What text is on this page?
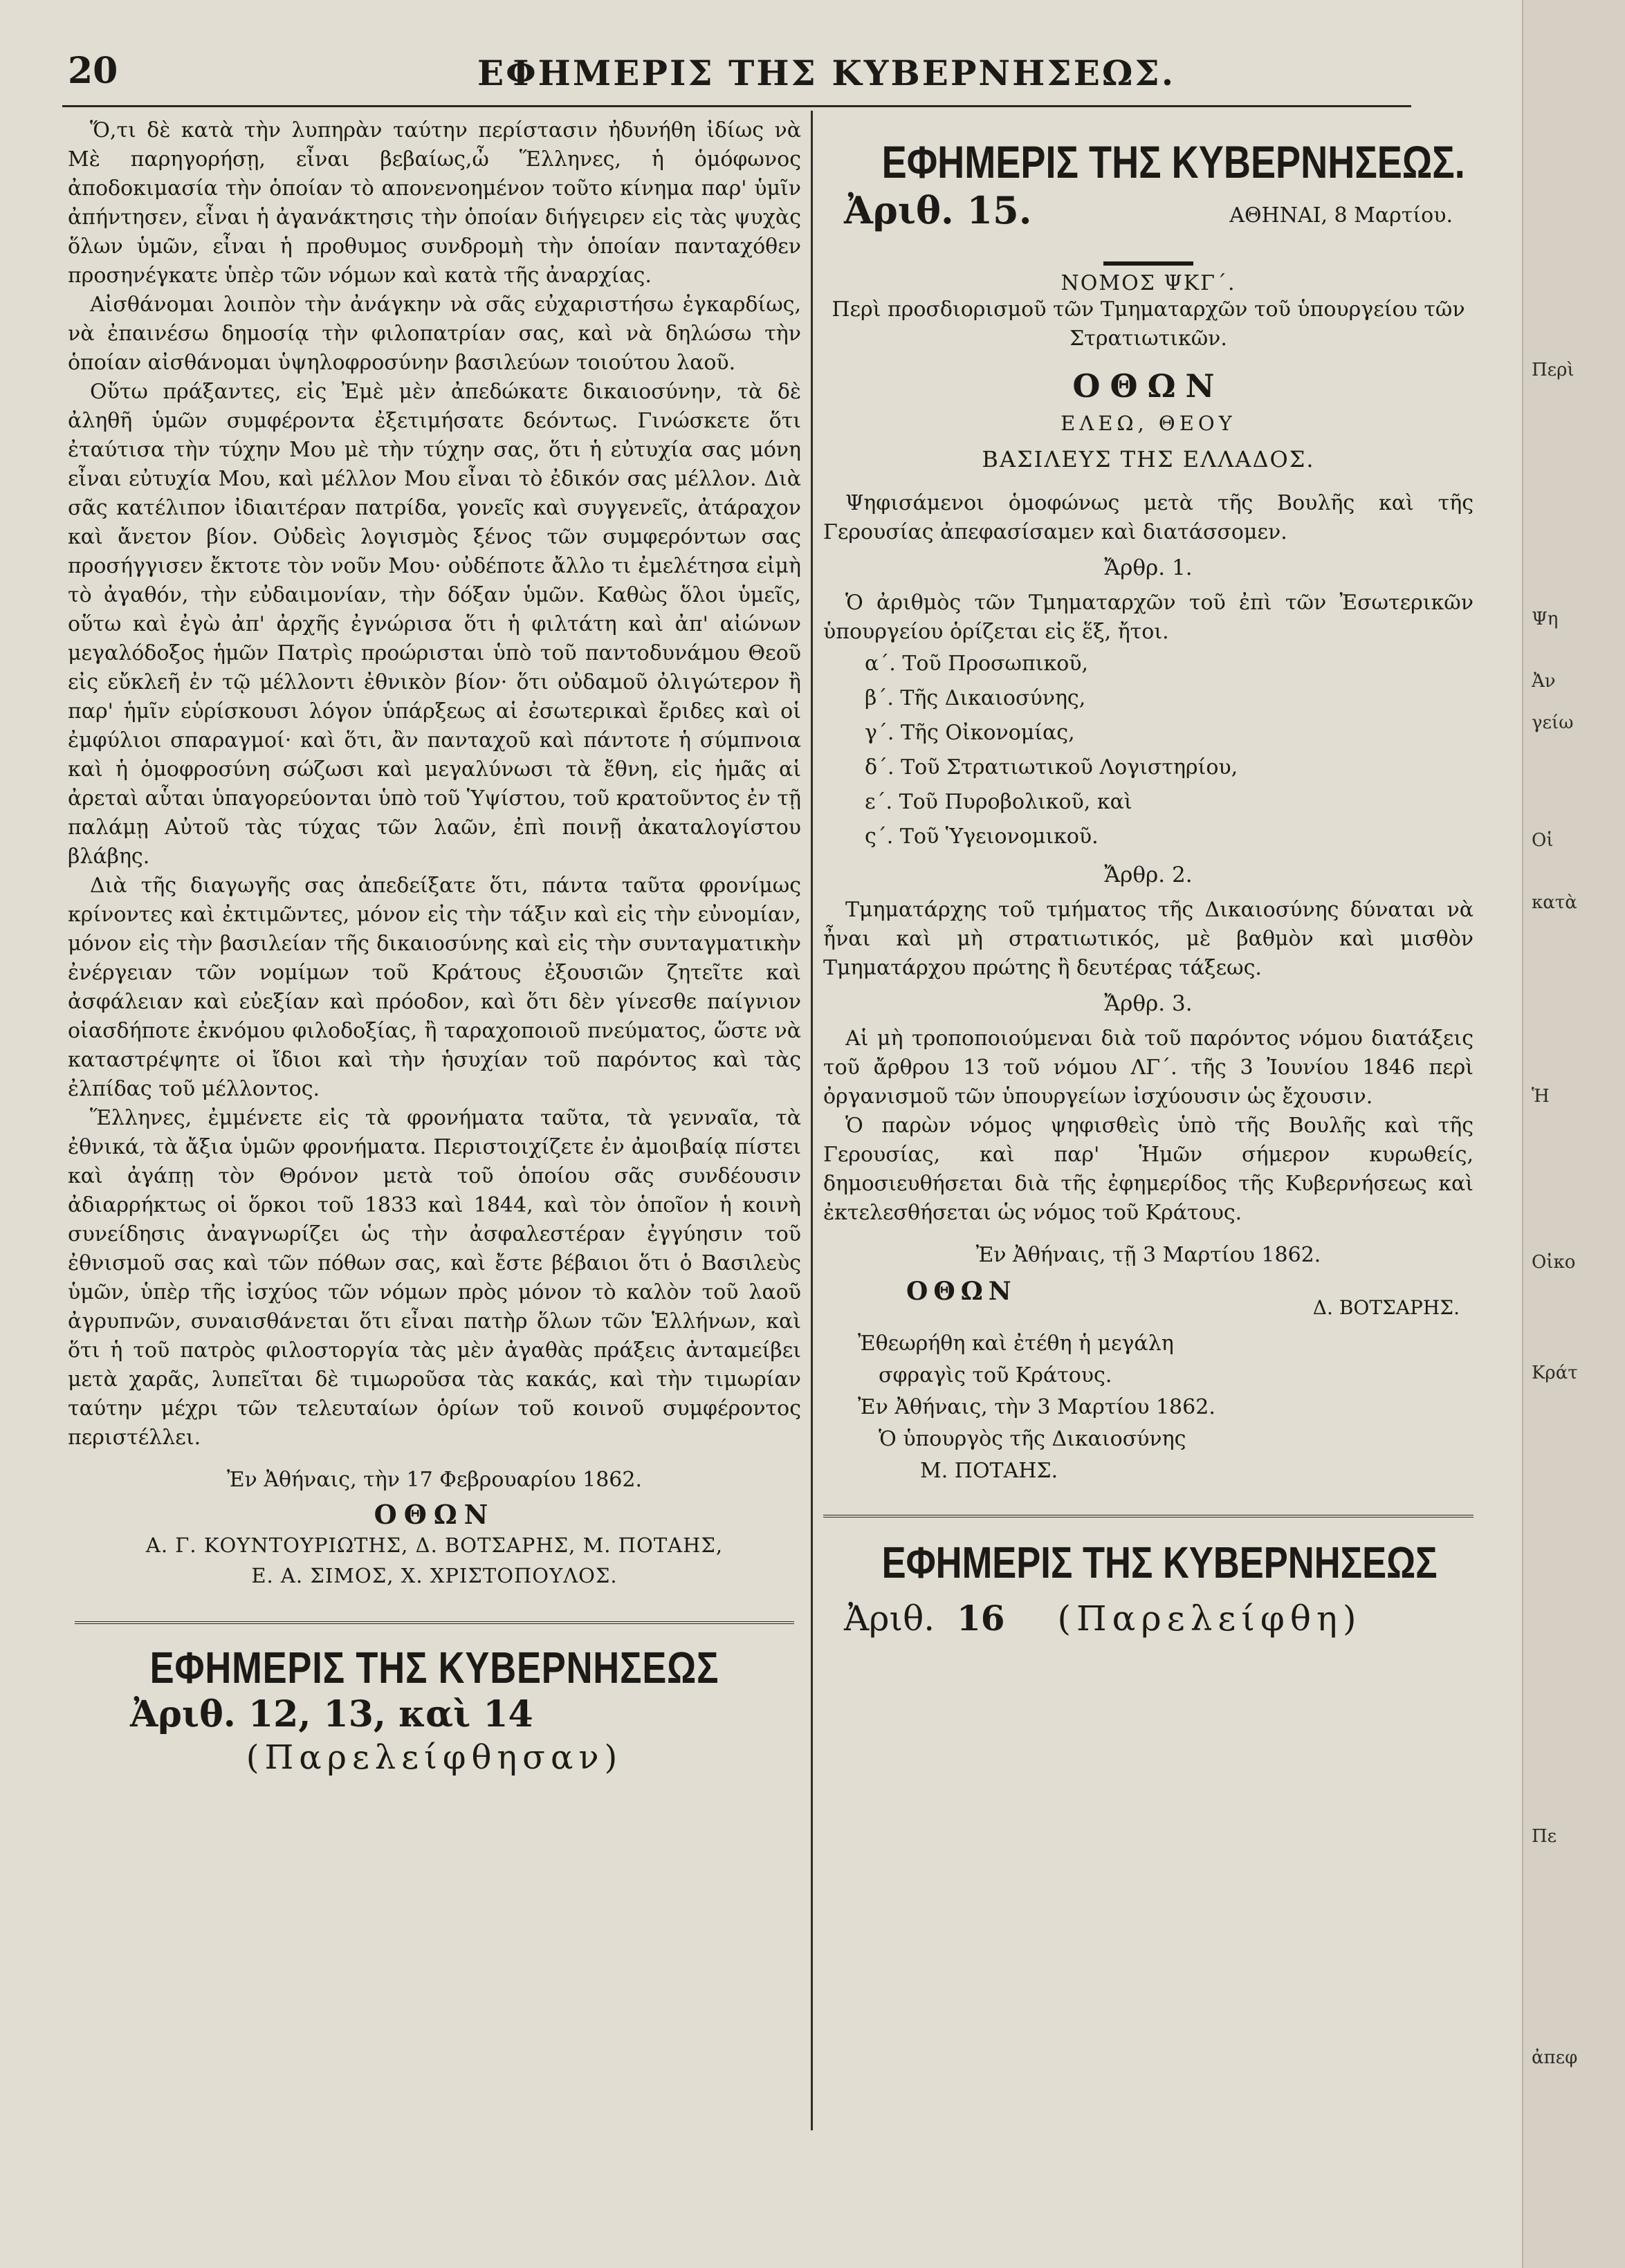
20	ΕΦΗΜΕΡΙΣ ΤΗΣ ΚΥΒΕΡΝΗΣΕΩΣ.

Ὅ,τι δὲ κατὰ τὴν λυπηρὰν ταύτην περίστασιν ἠδυνήθη ἰδίως νὰ Μὲ παρηγορήσῃ, εἶναι βεβαίως,ὦ Ἕλληνες, ἡ ὁμόφωνος ἀποδοκιμασία τὴν ὁποίαν τὸ απονενοημένον τοῦτο κίνημα παρ' ὑμῖν ἀπήντησεν, εἶναι ἡ ἀγανάκτησις τὴν ὁποίαν διήγειρεν εἰς τὰς ψυχὰς ὅλων ὑμῶν, εἶναι ἡ προθυμος συνδρομὴ τὴν ὁποίαν πανταχόθεν προσηνέγκατε ὑπὲρ τῶν νόμων καὶ κατὰ τῆς ἀναρχίας.

Αἰσθάνομαι λοιπὸν τὴν ἀνάγκην νὰ σᾶς εὐχαριστήσω ἐγκαρδίως, νὰ ἐπαινέσω δημοσίᾳ τὴν φιλοπατρίαν σας, καὶ νὰ δηλώσω τὴν ὁποίαν αἰσθάνομαι ὑψηλοφροσύνην βασιλεύων τοιούτου λαοῦ.

Οὕτω πράξαντες, εἰς Ἐμὲ μὲν ἀπεδώκατε δικαιοσύνην, τὰ δὲ ἀληθῆ ὑμῶν συμφέροντα ἐξετιμήσατε δεόντως. Γινώσκετε ὅτι ἐταύτισα τὴν τύχην Μου μὲ τὴν τύχην σας, ὅτι ἡ εὐτυχία σας μόνη εἶναι εὐτυχία Μου, καὶ μέλλον Μου εἶναι τὸ ἐδικόν σας μέλλον. Διὰ σᾶς κατέλιπον ἰδιαιτέραν πατρίδα, γονεῖς καὶ συγγενεῖς, ἀτάραχον καὶ ἄνετον βίον. Οὐδεὶς λογισμὸς ξένος τῶν συμφερόντων σας προσήγγισεν ἔκτοτε τὸν νοῦν Μου· οὐδέποτε ἄλλο τι ἐμελέτησα εἰμὴ τὸ ἀγαθόν, τὴν εὐδαιμονίαν, τὴν δόξαν ὑμῶν. Καθὼς ὅλοι ὑμεῖς, οὕτω καὶ ἐγὼ ἀπ' ἀρχῆς ἐγνώρισα ὅτι ἡ φιλτάτη καὶ ἀπ' αἰώνων μεγαλόδοξος ἡμῶν Πατρὶς προώρισται ὑπὸ τοῦ παντοδυνάμου Θεοῦ εἰς εὔκλεῆ ἐν τῷ μέλλοντι ἐθνικὸν βίον· ὅτι οὐδαμοῦ ὀλιγώτερον ἢ παρ' ἡμῖν εὑρίσκουσι λόγον ὑπάρξεως αἱ ἐσωτερικαὶ ἔριδες καὶ οἱ ἐμφύλιοι σπαραγμοί· καὶ ὅτι, ἂν πανταχοῦ καὶ πάντοτε ἡ σύμπνοια καὶ ἡ ὁμοφροσύνη σώζωσι καὶ μεγαλύνωσι τὰ ἔθνη, εἰς ἡμᾶς αἱ ἀρεταὶ αὗται ὑπαγορεύονται ὑπὸ τοῦ Ὑψίστου, τοῦ κρατοῦντος ἐν τῇ παλάμῃ Αὐτοῦ τὰς τύχας τῶν λαῶν, ἐπὶ ποινῇ ἀκαταλογίστου βλάβης.

Διὰ τῆς διαγωγῆς σας ἀπεδείξατε ὅτι, πάντα ταῦτα φρονίμως κρίνοντες καὶ ἐκτιμῶντες, μόνον εἰς τὴν τάξιν καὶ εἰς τὴν εὐνομίαν, μόνον εἰς τὴν βασιλείαν τῆς δικαιοσύνης καὶ εἰς τὴν συνταγματικὴν ἐνέργειαν τῶν νομίμων τοῦ Κράτους ἐξουσιῶν ζητεῖτε καὶ ἀσφάλειαν καὶ εὐεξίαν καὶ πρόοδον, καὶ ὅτι δὲν γίνεσθε παίγνιον οἱασδήποτε ἐκνόμου φιλοδοξίας, ἢ ταραχοποιοῦ πνεύματος, ὥστε νὰ καταστρέψητε οἱ ἴδιοι καὶ τὴν ἡσυχίαν τοῦ παρόντος καὶ τὰς ἐλπίδας τοῦ μέλλοντος.

Ἕλληνες, ἐμμένετε εἰς τὰ φρονήματα ταῦτα, τὰ γενναῖα, τὰ ἐθνικά, τὰ ἄξια ὑμῶν φρονήματα. Περιστοιχίζετε ἐν ἀμοιβαίᾳ πίστει καὶ ἀγάπῃ τὸν Θρόνον μετὰ τοῦ ὁποίου σᾶς συνδέουσιν ἀδιαρρήκτως οἱ ὅρκοι τοῦ 1833 καὶ 1844, καὶ τὸν ὁποῖον ἡ κοινὴ συνείδησις ἀναγνωρίζει ὡς τὴν ἀσφαλεστέραν ἐγγύησιν τοῦ ἐθνισμοῦ σας καὶ τῶν πόθων σας, καὶ ἔστε βέβαιοι ὅτι ὁ Βασιλεὺς ὑμῶν, ὑπὲρ τῆς ἰσχύος τῶν νόμων πρὸς μόνον τὸ καλὸν τοῦ λαοῦ ἀγρυπνῶν, συναισθάνεται ὅτι εἶναι πατὴρ ὅλων τῶν Ἑλλήνων, καὶ ὅτι ἡ τοῦ πατρὸς φιλοστοργία τὰς μὲν ἀγαθὰς πράξεις ἀνταμείβει μετὰ χαρᾶς, λυπεῖται δὲ τιμωροῦσα τὰς κακάς, καὶ τὴν τιμωρίαν ταύτην μέχρι τῶν τελευταίων ὁρίων τοῦ κοινοῦ συμφέροντος περιστέλλει.

Ἐν Ἀθήναις, τὴν 17 Φεβρουαρίου 1862.
ΟΘΩΝ
Α. Γ. ΚΟΥΝΤΟΥΡΙΩΤΗΣ, Δ. ΒΟΤΣΑΡΗΣ, Μ. ΠΟΤΑΗΣ,
Ε. Α. ΣΙΜΟΣ, Χ. ΧΡΙΣΤΟΠΟΥΛΟΣ.
ΕΦΗΜΕΡΙΣ ΤΗΣ ΚΥΒΕΡΝΗΣΕΩΣ
Ἀριθ. 12, 13, καὶ 14
(Παρελείφθησαν)
ΕΦΗΜΕΡΙΣ ΤΗΣ ΚΥΒΕΡΝΗΣΕΩΣ.
Ἀριθ. 15.	ΑΘΗΝΑΙ, 8 Μαρτίου.
ΝΟΜΟΣ ΨΚΓ΄.
Περὶ προσδιορισμοῦ τῶν Τμηματαρχῶν τοῦ ὑπουργείου τῶν Στρατιωτικῶν.
ΟΘΩΝ
ΕΛΕΩ, ΘΕΟΥ
ΒΑΣΙΛΕΥΣ ΤΗΣ ΕΛΛΑΔΟΣ.

Ψηφισάμενοι ὁμοφώνως μετὰ τῆς Βουλῆς καὶ τῆς Γερουσίας ἀπεφασίσαμεν καὶ διατάσσομεν.

Ἄρθρ. 1.

Ὁ ἀριθμὸς τῶν Τμηματαρχῶν τοῦ ἐπὶ τῶν Ἐσωτερικῶν ὑπουργείου ὁρίζεται εἰς ἕξ, ἤτοι.

α΄. Τοῦ Προσωπικοῦ,
β΄. Τῆς Δικαιοσύνης,
γ΄. Τῆς Οἰκονομίας,
δ΄. Τοῦ Στρατιωτικοῦ Λογιστηρίου,
ε΄. Τοῦ Πυροβολικοῦ, καὶ
ς΄. Τοῦ Ὑγειονομικοῦ.
Ἄρθρ. 2.

Τμηματάρχης τοῦ τμήματος τῆς Δικαιοσύνης δύναται νὰ ἦναι καὶ μὴ στρατιωτικός, μὲ βαθμὸν καὶ μισθὸν Τμηματάρχου πρώτης ἢ δευτέρας τάξεως.

Ἄρθρ. 3.

Αἱ μὴ τροποποιούμεναι διὰ τοῦ παρόντος νόμου διατάξεις τοῦ ἄρθρου 13 τοῦ νόμου ΛΓ΄. τῆς 3 Ἰουνίου 1846 περὶ ὀργανισμοῦ τῶν ὑπουργείων ἰσχύουσιν ὡς ἔχουσιν.

Ὁ παρὼν νόμος ψηφισθεὶς ὑπὸ τῆς Βουλῆς καὶ τῆς Γερουσίας, καὶ παρ' Ἡμῶν σήμερον κυρωθείς, δημοσιευθήσεται διὰ τῆς ἐφημερίδος τῆς Κυβερνήσεως καὶ ἐκτελεσθήσεται ὡς νόμος τοῦ Κράτους.

Ἐν Ἀθήναις, τῇ 3 Μαρτίου 1862.
ΟΘΩΝ
Δ. ΒΟΤΣΑΡΗΣ.
Ἐθεωρήθη καὶ ἐτέθη ἡ μεγάλη
σφραγὶς τοῦ Κράτους.
Ἐν Ἀθήναις, τὴν 3 Μαρτίου 1862.
Ὁ ὑπουργὸς τῆς Δικαιοσύνης
Μ. ΠΟΤΑΗΣ.
ΕΦΗΜΕΡΙΣ ΤΗΣ ΚΥΒΕΡΝΗΣΕΩΣ
Ἀριθ. 16 (Παρελείφθη)
Περὶ
Ψη
Ἀν
γείω
Οἱ
κατὰ
Ἡ
Οἰκο
Κράτ
Πε
ἀπεφ
